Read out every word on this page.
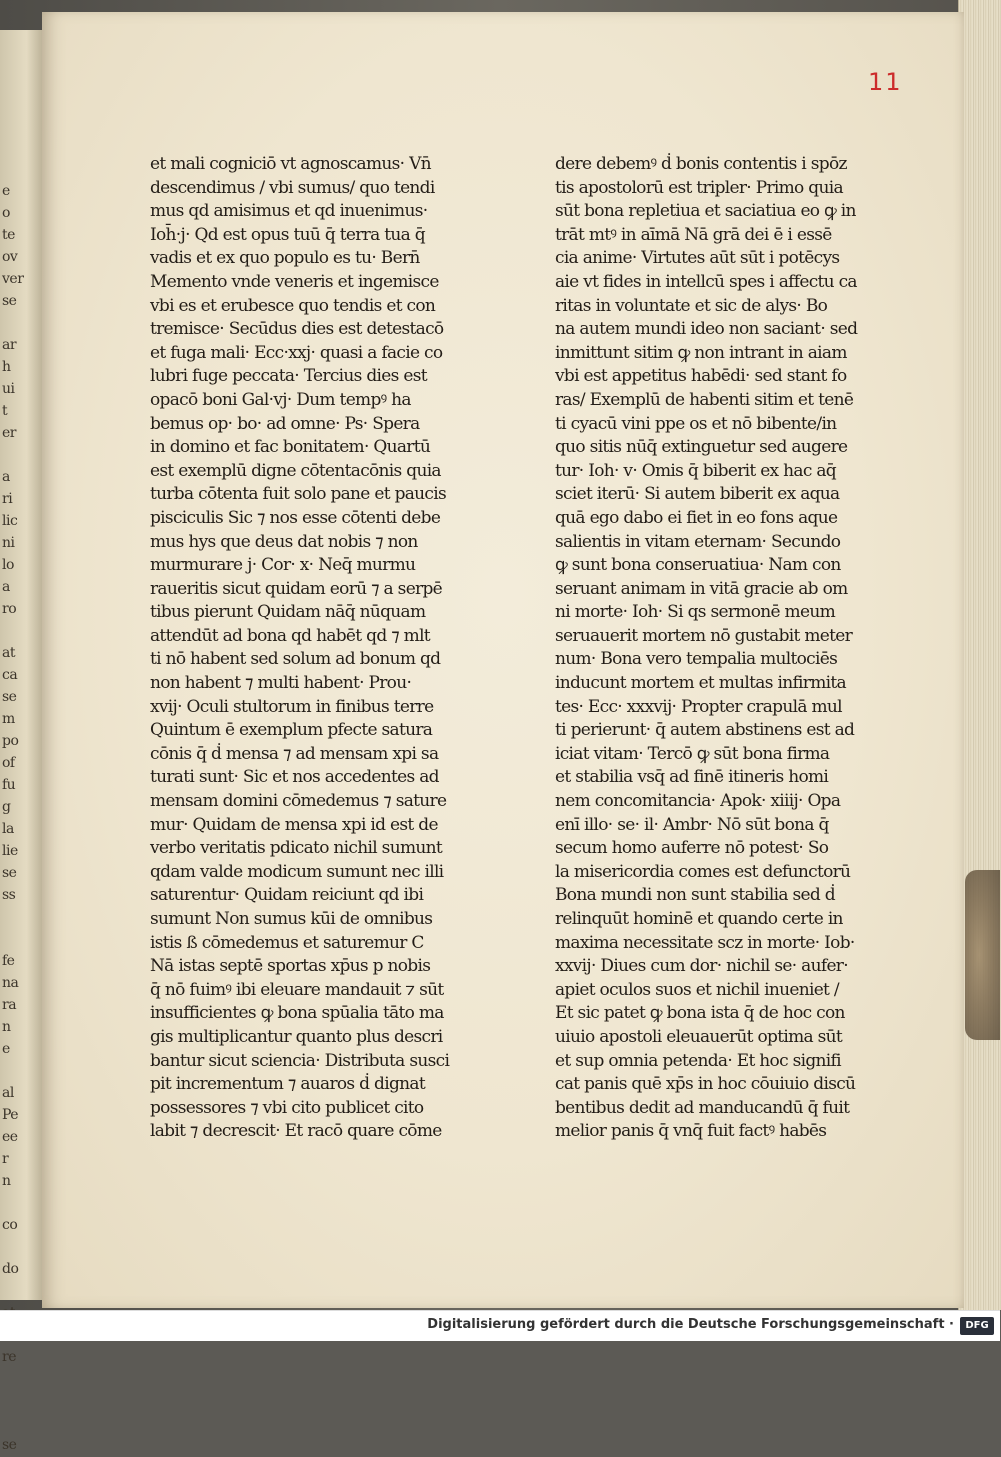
e
o
te
ov
ver
se
ar
h
ui
t
er
a
ri
lic
ni
lo
a
ro
at
ca
se
m
po
of
fu
g
la
lie
se
ss
fe
na
ra
n
e
al
Pe
ee
r
n
co
do
re
se
11
et mali cogniciō vt agnoscamus· Vn̄
descendimus / vbi sumus/ quo tendi
mus qd amisimus et qd inuenimus·
Ioh̄·j· Qd est opus tuū q̄ terra tua q̄
vadis et ex quo populo es tu· Bern̄
Memento vnde veneris et ingemisce
vbi es et erubesce quo tendis et con
tremisce· Secūdus dies est detestacō
et fuga mali· Ecc·xxj· quasi a facie co
lubri fuge peccata· Tercius dies est
opacō boni Gal·vj· Dum tempꝰ ha
bemus op· bo· ad omne· Ps· Spera
in domino et fac bonitatem· Quartū
est exemplū digne cōtentacōnis quia
turba cōtenta fuit solo pane et paucis
pisciculis Sic ⁊ nos esse cōtenti debe
mus hys que deus dat nobis ⁊ non
murmurare j· Cor· x· Neq̄ murmu
raueritis sicut quidam eorū ⁊ a serpē
tibus pierunt Quidam nāq̄ nūquam
attendūt ad bona qd habēt qd ⁊ mlt
ti nō habent sed solum ad bonum qd
non habent ⁊ multi habent· Prou·
xvij· Oculi stultorum in finibus terre
Quintum ē exemplum pfecte satura
cōnis q̄ ḋ mensa ⁊ ad mensam xpi sa
turati sunt· Sic et nos accedentes ad
mensam domini cōmedemus ⁊ sature
mur· Quidam de mensa xpi id est de
verbo veritatis pdicato nichil sumunt
qdam valde modicum sumunt nec illi
saturentur· Quidam reiciunt qd ibi
sumunt Non sumus kūi de omnibus
istis ß cōmedemus et saturemur C
Nā istas septē sportas xp̄us p nobis
q̄ nō fuimꝰ ibi eleuare mandauit ⁊ sūt
insufficientes ꝙ bona spūalia tāto ma
gis multiplicantur quanto plus descri
bantur sicut sciencia· Distributa susci
pit incrementum ⁊ auaros ḋ dignat
possessores ⁊ vbi cito publicet cito
labit ⁊ decrescit· Et racō quare cōme
dere debemꝰ ḋ bonis contentis i spōz
tis apostolorū est tripler· Primo quia
sūt bona repletiua et saciatiua eo ꝙ in
trāt mtꝰ in aīmā Nā grā dei ē i essē
cia anime· Virtutes aūt sūt i potēcys
aie vt fides in intellcū spes i affectu ca
ritas in voluntate et sic de alys· Bo
na autem mundi ideo non saciant· sed
inmittunt sitim ꝙ non intrant in aiam
vbi est appetitus habēdi· sed stant fo
ras/ Exemplū de habenti sitim et tenē
ti cyacū vini ppe os et nō bibente/in
quo sitis nūq̄ extinguetur sed augere
tur· Ioh· v· Omis q̄ biberit ex hac aq̄
sciet iterū· Si autem biberit ex aqua
quā ego dabo ei fiet in eo fons aque
salientis in vitam eternam· Secundo
ꝙ sunt bona conseruatiua· Nam con
seruant animam in vitā gracie ab om
ni morte· Ioh· Si qs sermonē meum
seruauerit mortem nō gustabit meter
num· Bona vero tempalia multociēs
inducunt mortem et multas infirmita
tes· Ecc· xxxvij· Propter crapulā mul
ti perierunt· q̄ autem abstinens est ad
iciat vitam· Tercō ꝙ sūt bona firma
et stabilia vsq̄ ad finē itineris homi
nem concomitancia· Apok· xiiij· Opa
enī illo· se· il· Ambr· Nō sūt bona q̄
secum homo auferre nō potest· So
la misericordia comes est defunctorū
Bona mundi non sunt stabilia sed ḋ
relinquūt hominē et quando certe in
maxima necessitate scz in morte· Iob·
xxvij· Diues cum dor· nichil se· aufer·
apiet oculos suos et nichil inueniet /
Et sic patet ꝙ bona ista q̄ de hoc con
uiuio apostoli eleuauerūt optima sūt
et sup omnia petenda· Et hoc signifi
cat panis quē xp̄s in hoc cōuiuio discū
bentibus dedit ad manducandū q̄ fuit
melior panis q̄ vnq̄ fuit factꝰ habēs
Digitalisierung gefördert durch die Deutsche Forschungsgemeinschaft ·	DFG
